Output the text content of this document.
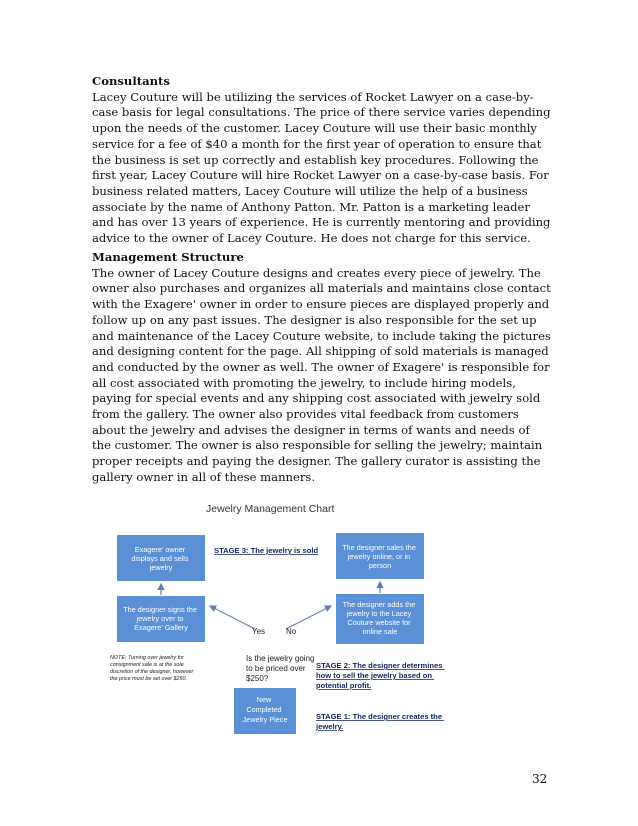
Consultants
Lacey Couture will be utilizing the services of Rocket Lawyer on a case-by-case basis for legal consultations. The price of there service varies depending upon the needs of the customer. Lacey Couture will use their basic monthly service for a fee of $40 a month for the first year of operation to ensure that the business is set up correctly and establish key procedures. Following the first year, Lacey Couture will hire Rocket Lawyer on a case-by-case basis. For business related matters, Lacey Couture will utilize the help of a business associate by the name of Anthony Patton. Mr. Patton is a marketing leader and has over 13 years of experience. He is currently mentoring and providing advice to the owner of Lacey Couture. He does not charge for this service.
Management Structure
The owner of Lacey Couture designs and creates every piece of jewelry. The owner also purchases and organizes all materials and maintains close contact with the Exagere' owner in order to ensure pieces are displayed properly and follow up on any past issues. The designer is also responsible for the set up and maintenance of the Lacey Couture website, to include taking the pictures and designing content for the page. All shipping of sold materials is managed and conducted by the owner as well. The owner of Exagere' is responsible for all cost associated with promoting the jewelry, to include hiring models, paying for special events and any shipping cost associated with jewelry sold from the gallery. The owner also provides vital feedback from customers about the jewelry and advises the designer in terms of wants and needs of the customer. The owner is also responsible for selling the jewelry; maintain proper receipts and paying the designer. The gallery curator is assisting the gallery owner in all of these manners.
Jewelry Management Chart
Exagere' owner displays and sells jewelry
The designer signs the jewelry over to Exagere' Gallery
The designer sales the jewelry online, or in person
The designer adds the jewelry to the Lacey Couture website for online sale
New Completed Jewelry Piece
Yes	No
STAGE 3: The jewelry is sold
STAGE 2: The designer determines how to sell the jewelry based on potential profit.
STAGE 1: The designer creates the jewelry.
Is the jewelry going to be priced over $250?
NOTE: Turning over jewelry for consignment sale is at the sole discretion of the designer, however the price must be set over $250.
32
